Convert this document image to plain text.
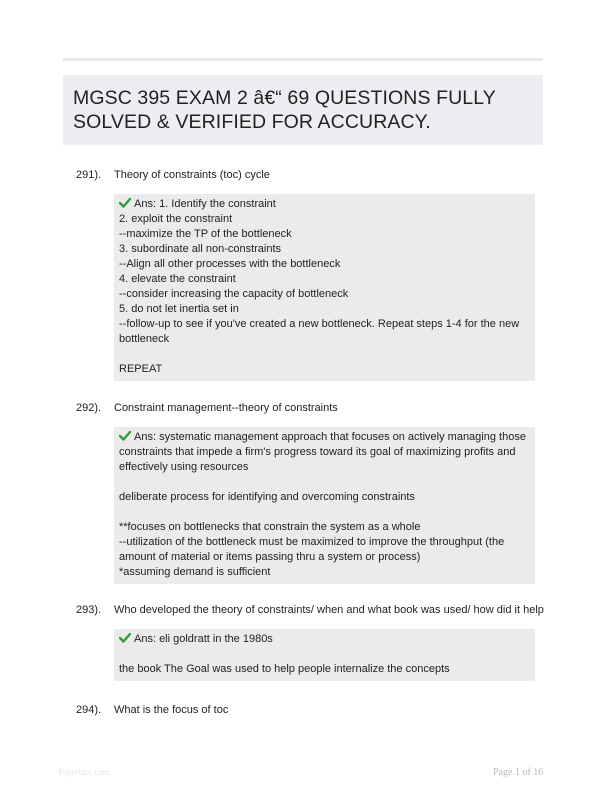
MGSC 395 EXAM 2 â€“ 69 QUESTIONS FULLY
SOLVED & VERIFIED FOR ACCURACY.
291). Theory of constraints (toc) cycle
Ans: 1. Identify the constraint
2. exploit the constraint
--maximize the TP of the bottleneck
3. subordinate all non-constraints
--Align all other processes with the bottleneck
4. elevate the constraint
--consider increasing the capacity of bottleneck
5. do not let inertia set in
--follow-up to see if you've created a new bottleneck. Repeat steps 1-4 for the new
bottleneck
REPEAT
292). Constraint management--theory of constraints
Ans: systematic management approach that focuses on actively managing those
constraints that impede a firm's progress toward its goal of maximizing profits and
effectively using resources
deliberate process for identifying and overcoming constraints
**focuses on bottlenecks that constrain the system as a whole
--utilization of the bottleneck must be maximized to improve the throughput (the
amount of material or items passing thru a system or process)
*assuming demand is sufficient
293). Who developed the theory of constraints/ when and what book was used/ how did it help
Ans: eli goldratt in the 1980s
the book The Goal was used to help people internalize the concepts
294). What is the focus of toc
Paperbite.com	Page 1 of 16
